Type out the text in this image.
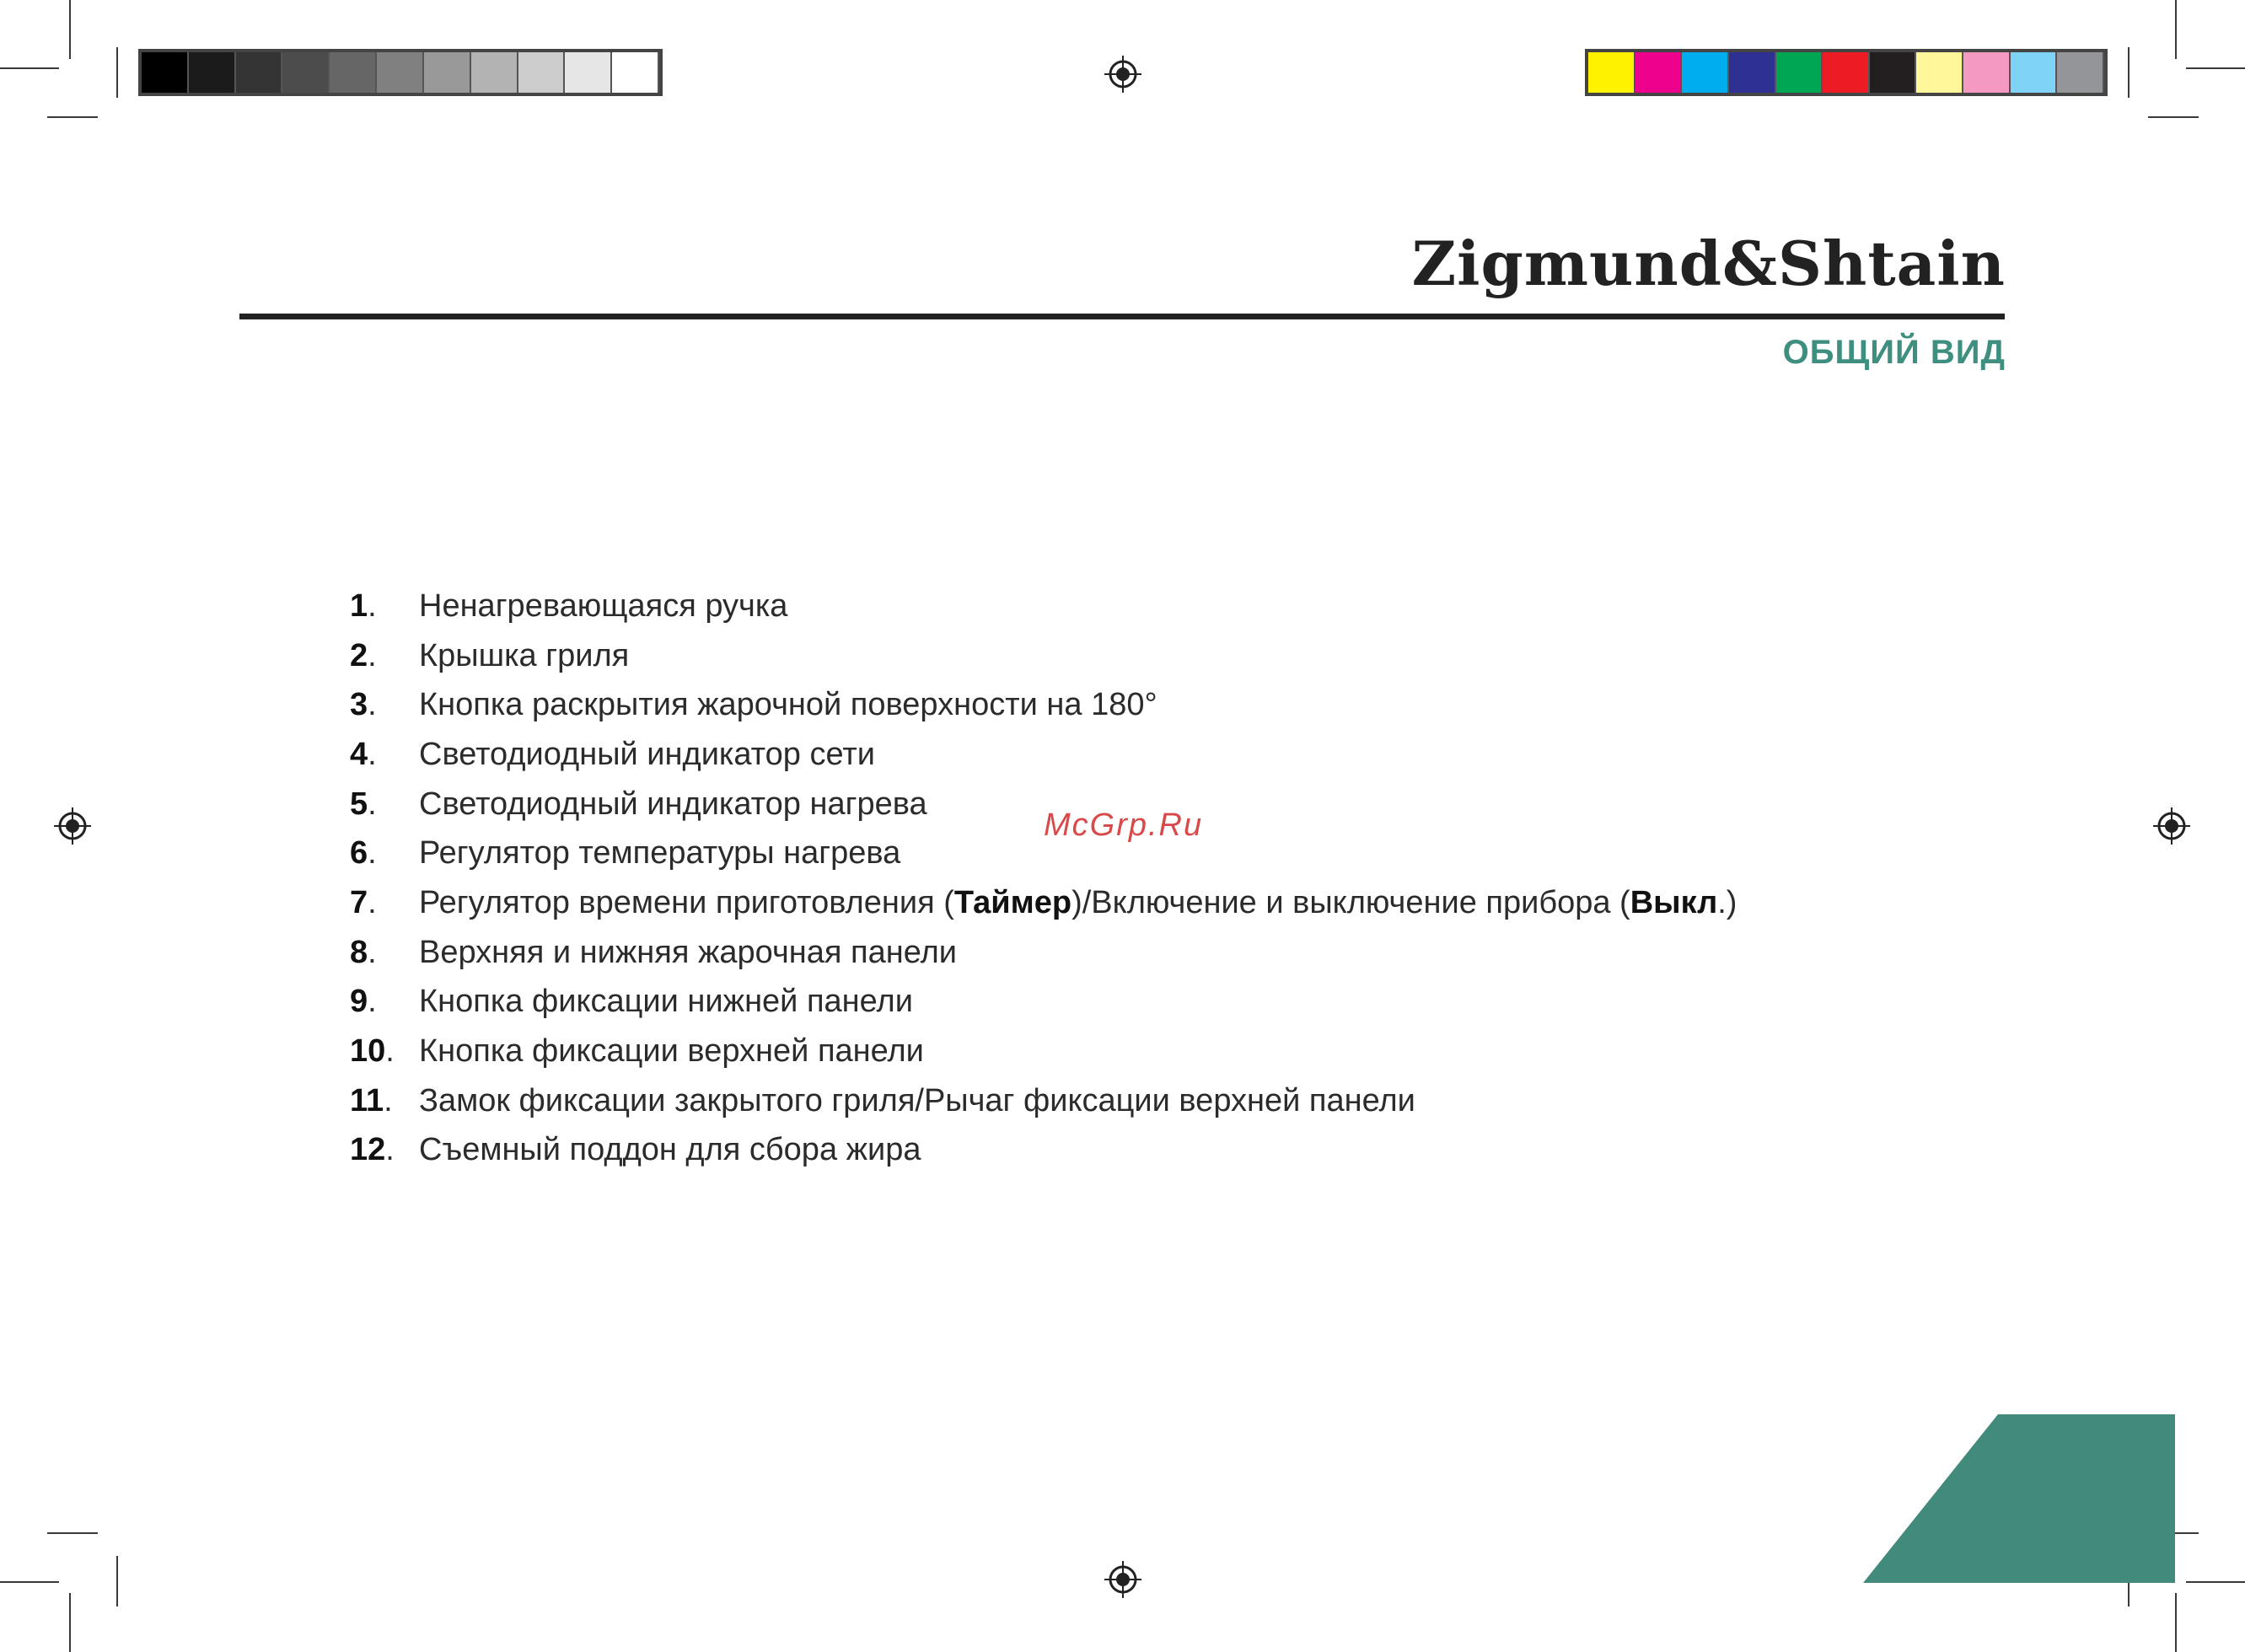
Zigmund&Shtain
ОБЩИЙ ВИД
1.	Ненагревающаяся ручка
2.	Крышка гриля
3.	Кнопка раскрытия жарочной поверхности на 180°
4.	Светодиодный индикатор сети
5.	Светодиодный индикатор нагрева
6.	Регулятор температуры нагрева
7.	Регулятор времени приготовления (Таймер)/Включение и выключение прибора (Выкл.)
8.	Верхняя и нижняя жарочная панели
9.	Кнопка фиксации нижней панели
10. Кнопка фиксации верхней панели
11. Замок фиксации закрытого гриля/Рычаг фиксации верхней панели
12. Съемный поддон для сбора жира
McGrp.Ru
